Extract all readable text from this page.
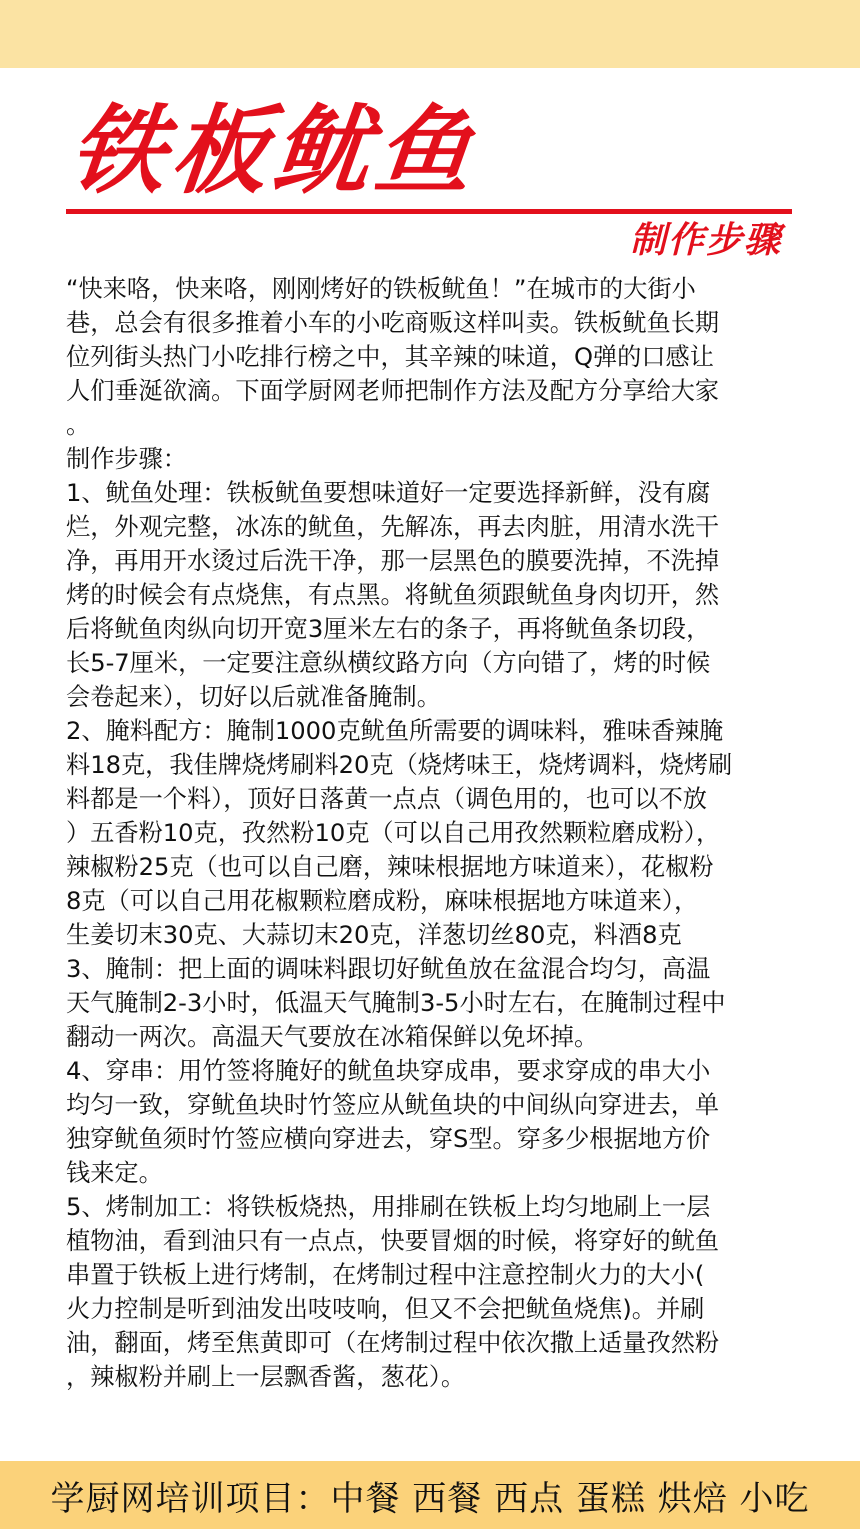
铁板鱿鱼
制作步骤
“快来咯，快来咯，刚刚烤好的铁板鱿鱼！”在城市的大街小
巷，总会有很多推着小车的小吃商贩这样叫卖。铁板鱿鱼长期
位列街头热门小吃排行榜之中，其辛辣的味道，Q弹的口感让
人们垂涎欲滴。下面学厨网老师把制作方法及配方分享给大家
。
制作步骤：
1、鱿鱼处理：铁板鱿鱼要想味道好一定要选择新鲜，没有腐
烂，外观完整，冰冻的鱿鱼，先解冻，再去肉脏，用清水洗干
净，再用开水烫过后洗干净，那一层黑色的膜要洗掉，不洗掉
烤的时候会有点烧焦，有点黑。将鱿鱼须跟鱿鱼身肉切开，然
后将鱿鱼肉纵向切开宽3厘米左右的条子，再将鱿鱼条切段，
长5-7厘米，一定要注意纵横纹路方向（方向错了，烤的时候
会卷起来），切好以后就准备腌制。
2、腌料配方：腌制1000克鱿鱼所需要的调味料，雅味香辣腌
料18克，我佳牌烧烤刷料20克（烧烤味王，烧烤调料，烧烤刷
料都是一个料），顶好日落黄一点点（调色用的，也可以不放
）五香粉10克，孜然粉10克（可以自己用孜然颗粒磨成粉），
辣椒粉25克（也可以自己磨，辣味根据地方味道来），花椒粉
8克（可以自己用花椒颗粒磨成粉，麻味根据地方味道来），
生姜切末30克、大蒜切末20克，洋葱切丝80克，料酒8克
3、腌制：把上面的调味料跟切好鱿鱼放在盆混合均匀，高温
天气腌制2-3小时，低温天气腌制3-5小时左右，在腌制过程中
翻动一两次。高温天气要放在冰箱保鲜以免坏掉。
4、穿串：用竹签将腌好的鱿鱼块穿成串，要求穿成的串大小
均匀一致，穿鱿鱼块时竹签应从鱿鱼块的中间纵向穿进去，单
独穿鱿鱼须时竹签应横向穿进去，穿S型。穿多少根据地方价
钱来定。
5、烤制加工：将铁板烧热，用排刷在铁板上均匀地刷上一层
植物油，看到油只有一点点，快要冒烟的时候，将穿好的鱿鱼
串置于铁板上进行烤制，在烤制过程中注意控制火力的大小(
火力控制是听到油发出吱吱响，但又不会把鱿鱼烧焦)。并刷
油，翻面，烤至焦黄即可（在烤制过程中依次撒上适量孜然粉
，辣椒粉并刷上一层飘香酱，葱花）。
学厨网培训项目：中餐 西餐 西点 蛋糕 烘焙 小吃
